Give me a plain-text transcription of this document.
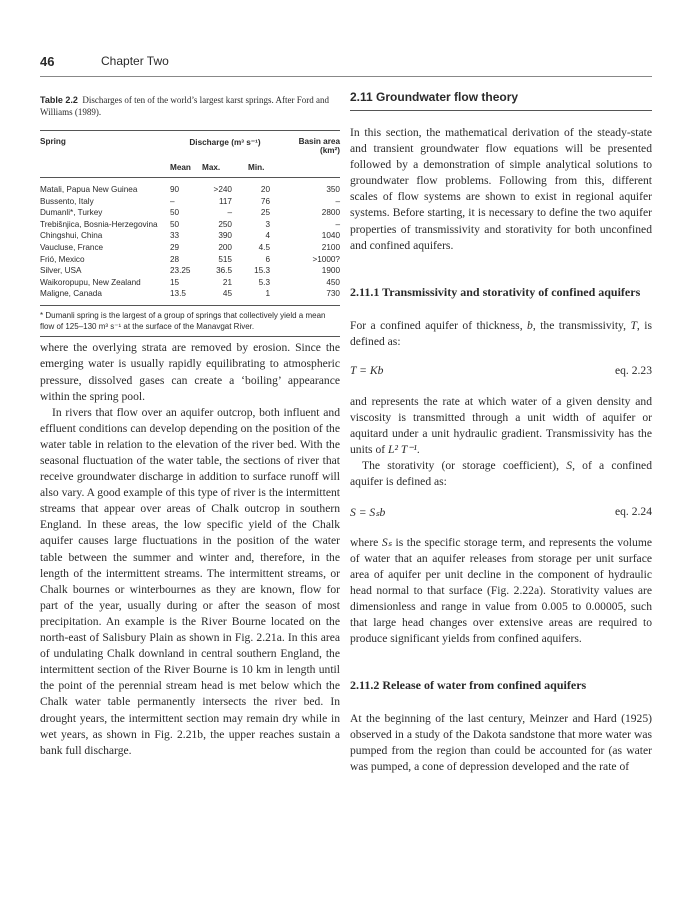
46	Chapter Two
Table 2.2 Discharges of ten of the world’s largest karst springs. After Ford and Williams (1989).
Spring	Discharge (m³ s⁻¹)			Basin area (km²)
	Mean	Max.	Min.	
Matali, Papua New Guinea	90	>240	20	350
Bussento, Italy	–	117	76	–
Dumanli*, Turkey	50	–	25	2800
Trebišnjica, Bosnia-Herzegovina	50	250	3	–
Chingshui, China	33	390	4	1040
Vaucluse, France	29	200	4.5	2100
Frió, Mexico	28	515	6	>1000?
Silver, USA	23.25	36.5	15.3	1900
Waikoropupu, New Zealand	15	21	5.3	450
Maligne, Canada	13.5	45	1	730
* Dumanli spring is the largest of a group of springs that collectively yield a mean flow of 125–130 m³ s⁻¹ at the surface of the Manavgat River.

where the overlying strata are removed by erosion. Since the emerging water is usually rapidly equilibrating to atmospheric pressure, dissolved gases can create a ‘boiling’ appearance within the spring pool.

In rivers that flow over an aquifer outcrop, both influent and effluent conditions can develop depending on the position of the water table in relation to the elevation of the river bed. With the seasonal fluctuation of the water table, the sections of river that receive groundwater discharge in addition to surface runoff will also vary. A good example of this type of river is the intermittent streams that appear over areas of Chalk outcrop in southern England. In these areas, the low specific yield of the Chalk aquifer causes large fluctuations in the position of the water table between the summer and winter and, therefore, in the length of the intermittent streams. The intermittent streams, or Chalk bournes or winterbournes as they are known, flow for part of the year, usually during or after the season of most precipitation. An example is the River Bourne located on the north-east of Salisbury Plain as shown in Fig. 2.21a. In this area of undulating Chalk downland in central southern England, the intermittent section of the River Bourne is 10 km in length until the point of the perennial stream head is met below which the Chalk water table permanently intersects the river bed. In drought years, the intermittent section may remain dry while in wet years, as shown in Fig. 2.21b, the upper reaches sustain a bank full discharge.

2.11 Groundwater flow theory

In this section, the mathematical derivation of the steady-state and transient groundwater flow equations will be presented followed by a demonstration of simple analytical solutions to groundwater flow problems. Following from this, different scales of flow systems are shown to exist in regional aquifer systems. Before starting, it is necessary to define the two aquifer properties of transmissivity and storativity for both unconfined and confined aquifers.

2.11.1 Transmissivity and storativity of confined aquifers

For a confined aquifer of thickness, b, the transmissivity, T, is defined as:

T = Kb	eq. 2.23

and represents the rate at which water of a given density and viscosity is transmitted through a unit width of aquifer or aquitard under a unit hydraulic gradient. Transmissivity has the units of L² T⁻¹.

The storativity (or storage coefficient), S, of a confined aquifer is defined as:

S = Sₛb	eq. 2.24

where Sₛ is the specific storage term, and represents the volume of water that an aquifer releases from storage per unit surface area of aquifer per unit decline in the component of hydraulic head normal to that surface (Fig. 2.22a). Storativity values are dimensionless and range in value from 0.005 to 0.00005, such that large head changes over extensive areas are required to produce significant yields from confined aquifers.

2.11.2 Release of water from confined aquifers

At the beginning of the last century, Meinzer and Hard (1925) observed in a study of the Dakota sandstone that more water was pumped from the region than could be accounted for (as water was pumped, a cone of depression developed and the rate of
